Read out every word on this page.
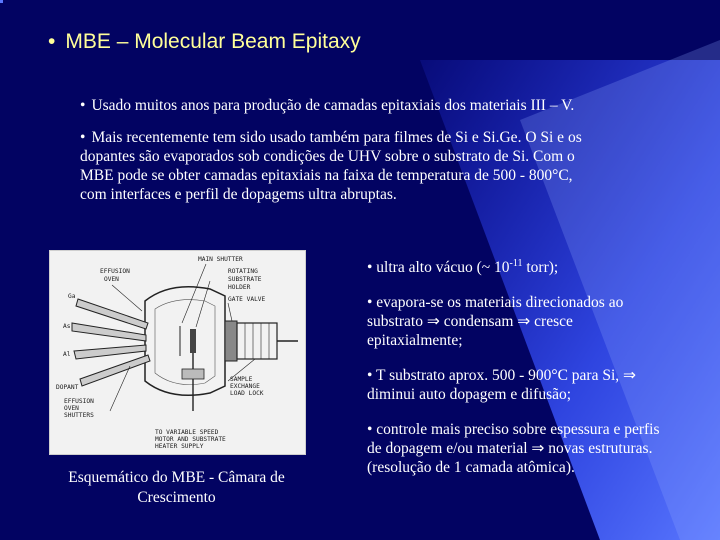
• MBE – Molecular Beam Epitaxy
• Usado muitos anos para produção de camadas epitaxiais dos materiais III – V.
• Mais recentemente tem sido usado também para filmes de Si e Si.Ge. O Si e os
dopantes são evaporados sob condições de UHV sobre o substrato de Si. Com o
MBE pode se obter camadas epitaxiais na faixa de temperatura de 500 - 800°C,
com interfaces e perfil de dopagems ultra abruptas.
MAIN SHUTTER
EFFUSION
OVEN
ROTATING
SUBSTRATE
HOLDER
GATE VALVE
Ga
As
Al
DOPANT
SAMPLE
EXCHANGE
LOAD LOCK
EFFUSION
OVEN
SHUTTERS
TO VARIABLE SPEED
MOTOR AND SUBSTRATE
HEATER SUPPLY
Esquemático do MBE - Câmara de
Crescimento
• ultra alto vácuo (~ $10^{-11}$ torr);
• evapora-se os materiais direcionados ao
substrato ⇒ condensam ⇒ cresce
epitaxialmente;
• T substrato aprox. 500 - 900°C para Si, ⇒
diminui auto dopagem e difusão;
• controle mais preciso sobre espessura e perfis
de dopagem e/ou material ⇒ novas estruturas.
(resolução de 1 camada atômica).
